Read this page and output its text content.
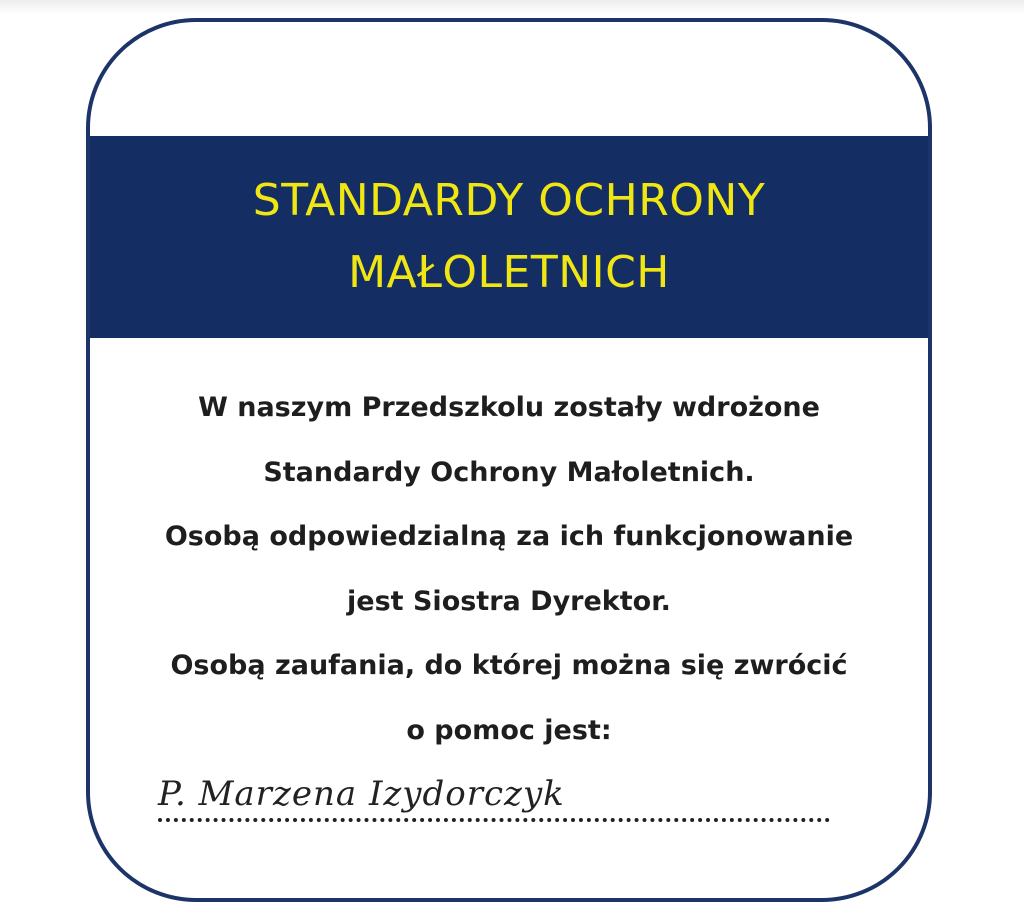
STANDARDY OCHRONY
MAŁOLETNICH
W naszym Przedszkolu zostały wdrożone
Standardy Ochrony Małoletnich.
Osobą odpowiedzialną za ich funkcjonowanie
jest Siostra Dyrektor.
Osobą zaufania, do której można się zwrócić
o pomoc jest:
P. Marzena Izydorczyk
